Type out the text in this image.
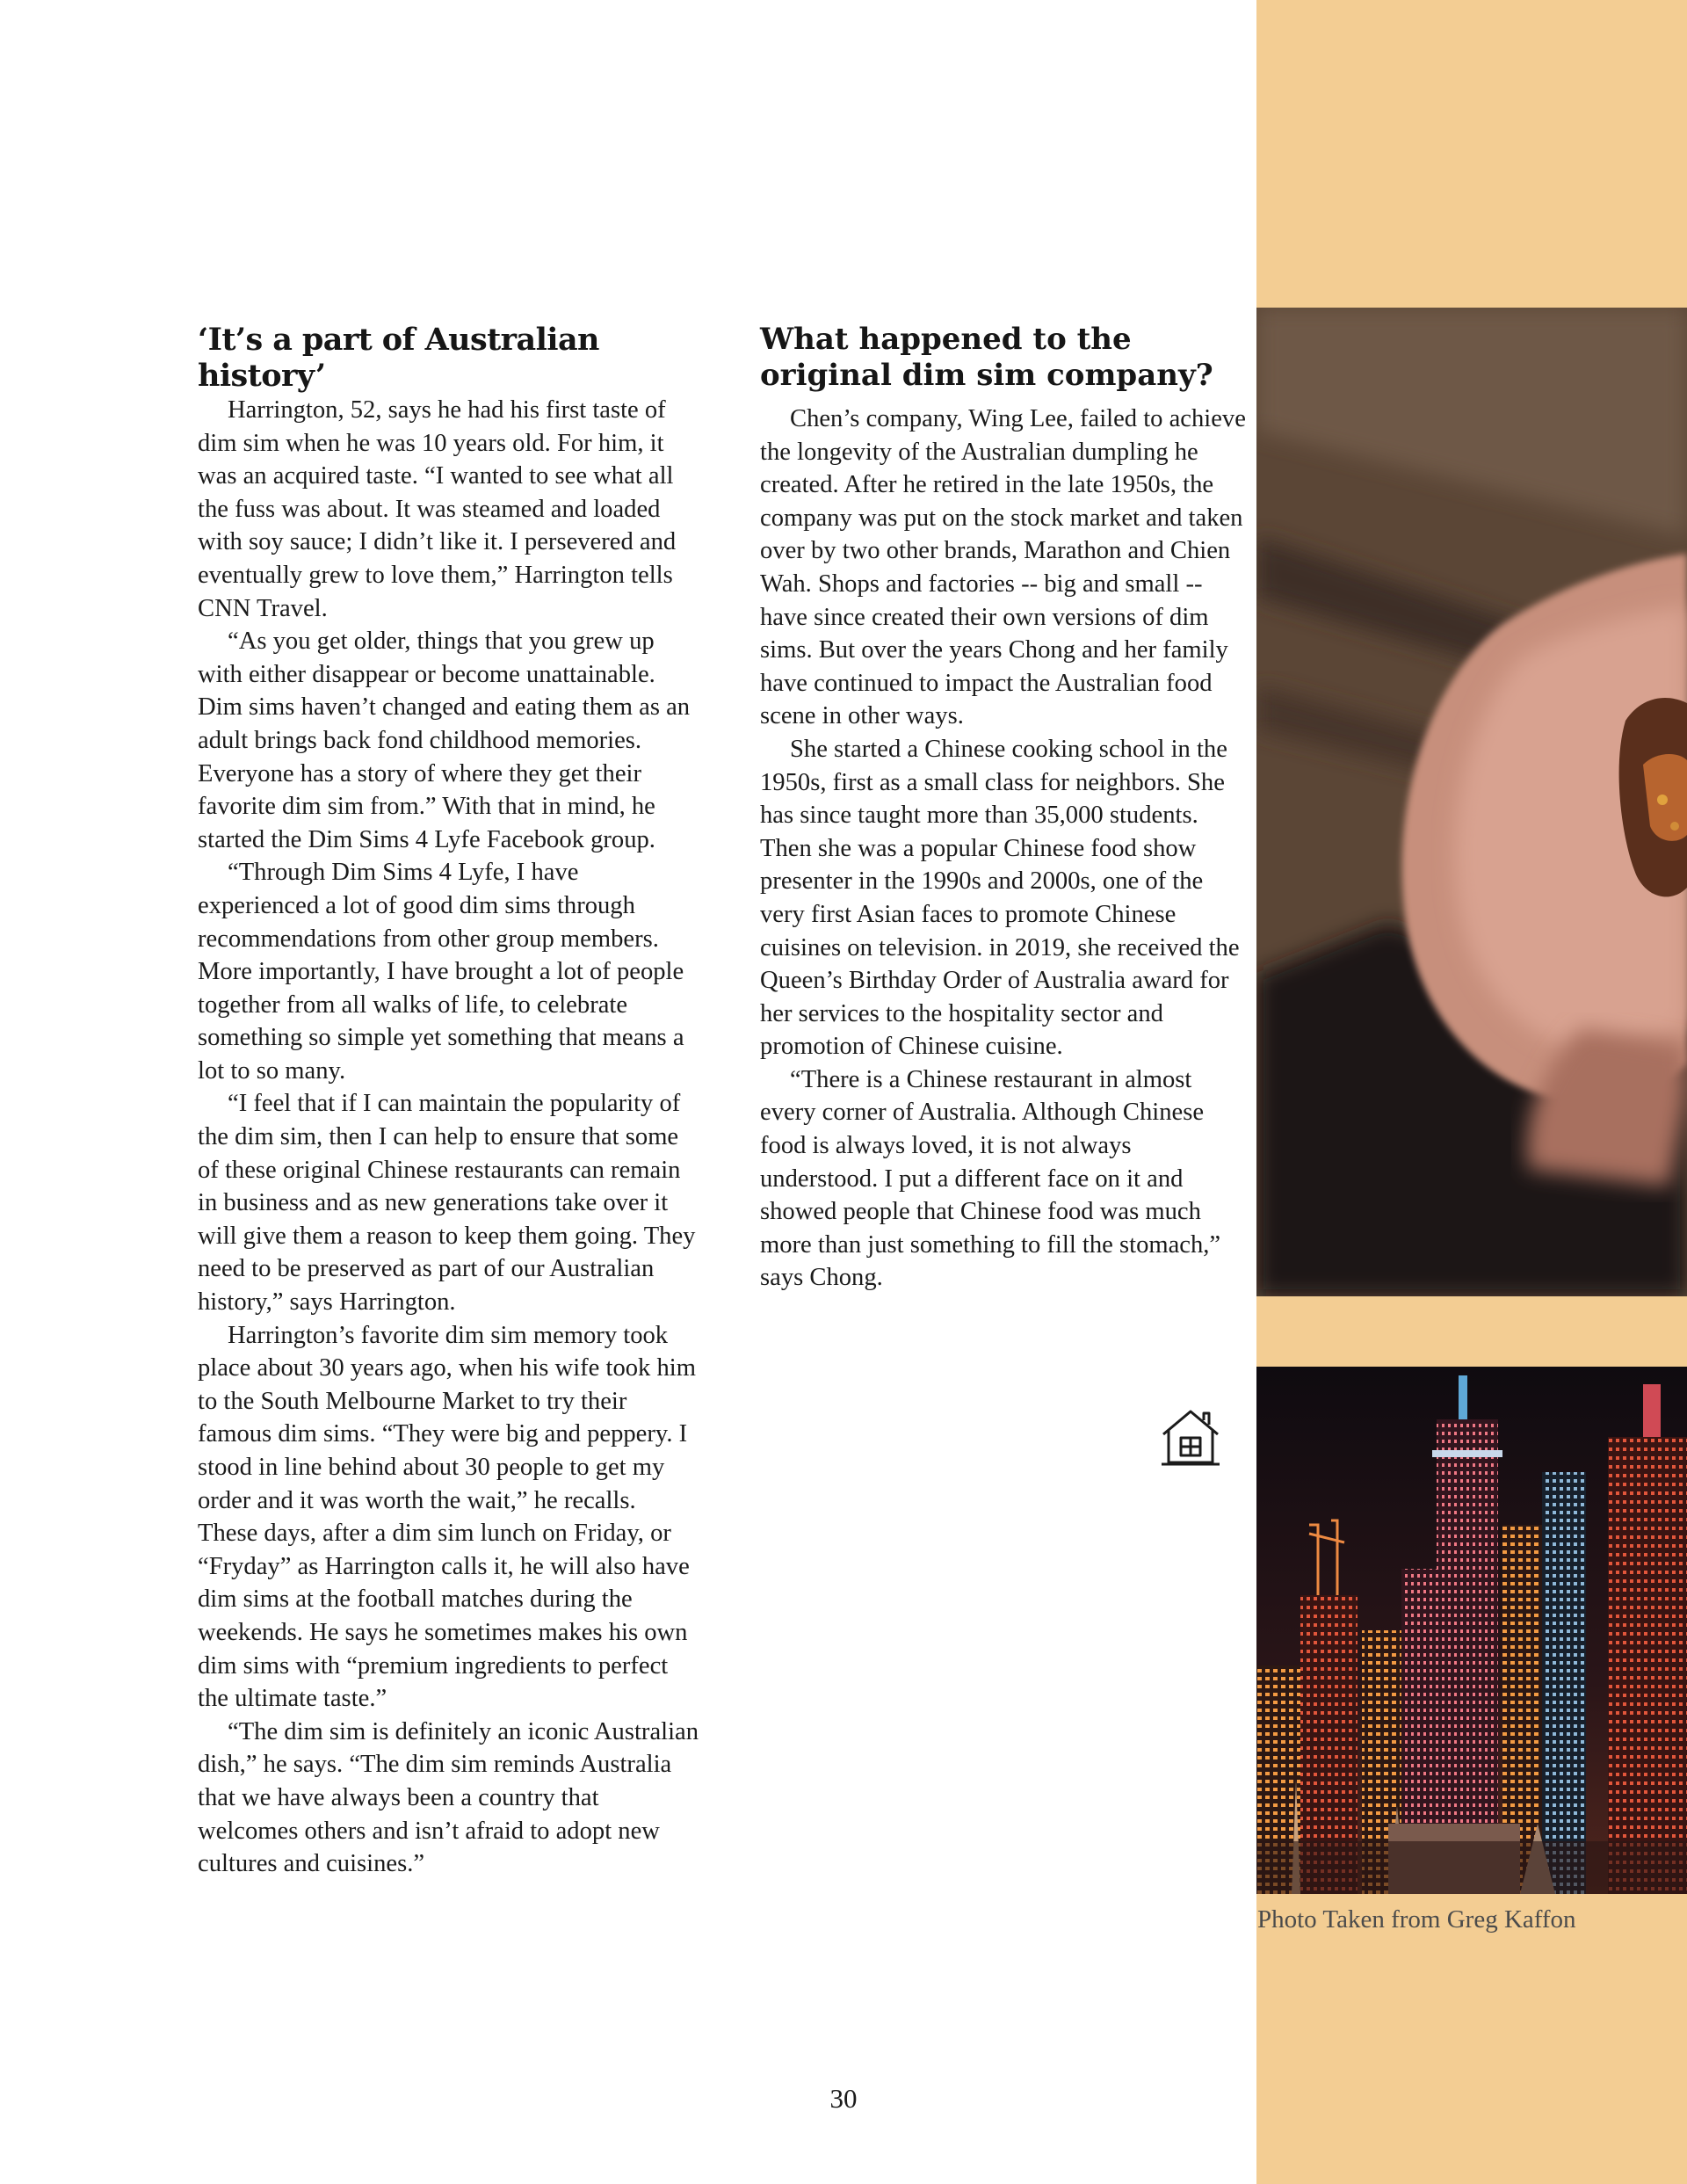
Photo Taken from Greg Kaffon
‘It’s a part of Australian history’

Harrington, 52, says he had his first taste of dim sim when he was 10 years old. For him, it was an acquired taste. “I wanted to see what all the fuss was about. It was steamed and loaded with soy sauce; I didn’t like it. I persevered and eventually grew to love them,” Harrington tells CNN Travel.

“As you get older, things that you grew up with either disappear or become unattainable. Dim sims haven’t changed and eating them as an adult brings back fond childhood memories. Everyone has a story of where they get their favorite dim sim from.” With that in mind, he started the Dim Sims 4 Lyfe Facebook group.

“Through Dim Sims 4 Lyfe, I have experienced a lot of good dim sims through recommendations from other group members. More importantly, I have brought a lot of people together from all walks of life, to celebrate something so simple yet something that means a lot to so many.

“I feel that if I can maintain the popularity of the dim sim, then I can help to ensure that some of these original Chinese restaurants can remain in business and as new generations take over it will give them a reason to keep them going. They need to be preserved as part of our Australian history,” says Harrington.

Harrington’s favorite dim sim memory took place about 30 years ago, when his wife took him to the South Melbourne Market to try their famous dim sims. “They were big and peppery. I stood in line behind about 30 people to get my order and it was worth the wait,” he recalls. These days, after a dim sim lunch on Friday, or “Fryday” as Harrington calls it, he will also have dim sims at the football matches during the weekends. He says he sometimes makes his own dim sims with “premium ingredients to perfect the ultimate taste.”

“The dim sim is definitely an iconic Australian dish,” he says. “The dim sim reminds Australia that we have always been a country that welcomes others and isn’t afraid to adopt new cultures and cuisines.”

What happened to the original dim sim company?

Chen’s company, Wing Lee, failed to achieve the longevity of the Australian dumpling he created. After he retired in the late 1950s, the company was put on the stock market and taken over by two other brands, Marathon and Chien Wah. Shops and factories -- big and small -- have since created their own versions of dim sims. But over the years Chong and her family have continued to impact the Australian food scene in other ways.

She started a Chinese cooking school in the 1950s, first as a small class for neighbors. She has since taught more than 35,000 students. Then she was a popular Chinese food show presenter in the 1990s and 2000s, one of the very first Asian faces to promote Chinese cuisines on television. in 2019, she received the Queen’s Birthday Order of Australia award for her services to the hospitality sector and promotion of Chinese cuisine.

“There is a Chinese restaurant in almost every corner of Australia. Although Chinese food is always loved, it is not always understood. I put a different face on it and showed people that Chinese food was much more than just something to fill the stomach,” says Chong.

30
